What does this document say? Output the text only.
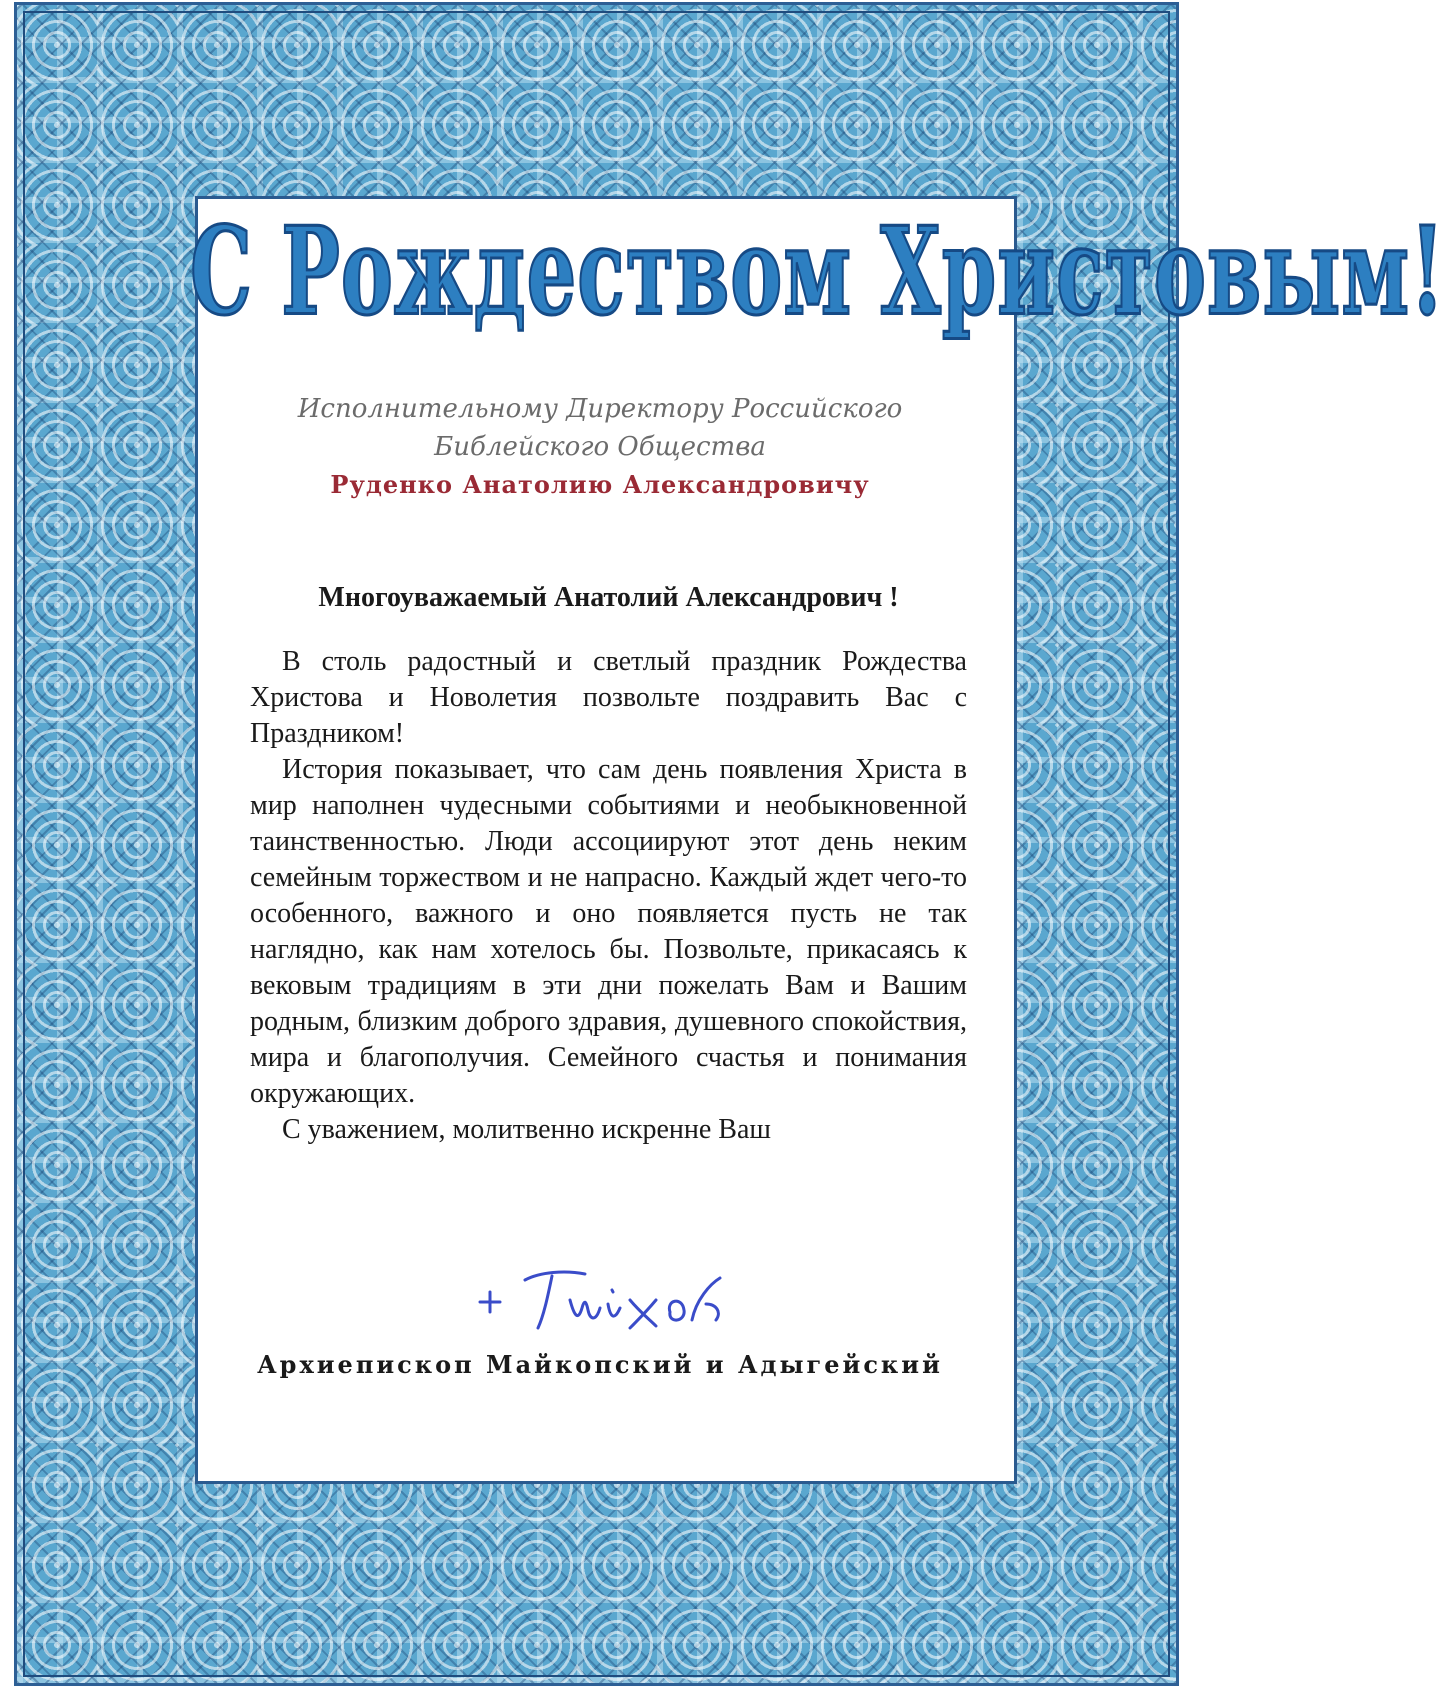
С Рождеством Христовым!

Исполнительному Директору Российского Библейского Общества

Руденко Анатолию Александровичу

Многоуважаемый Анатолий Александрович !

В столь радостный и светлый праздник Рождества Христова и Новолетия позвольте поздравить Вас с Праздником!

История показывает, что сам день появления Христа в мир наполнен чудесными событиями и необыкновенной таинственностью. Люди ассоциируют этот день неким семейным торжеством и не напрасно. Каждый ждет чего-то особенного, важного и оно появляется пусть не так наглядно, как нам хотелось бы. Позвольте, прикасаясь к вековым традициям в эти дни пожелать Вам и Вашим родным, близким доброго здравия, душевного спокойствия, мира и благополучия. Семейного счастья и понимания окружающих.

С уважением, молитвенно искренне Ваш

Архиепископ Майкопский и Адыгейский
